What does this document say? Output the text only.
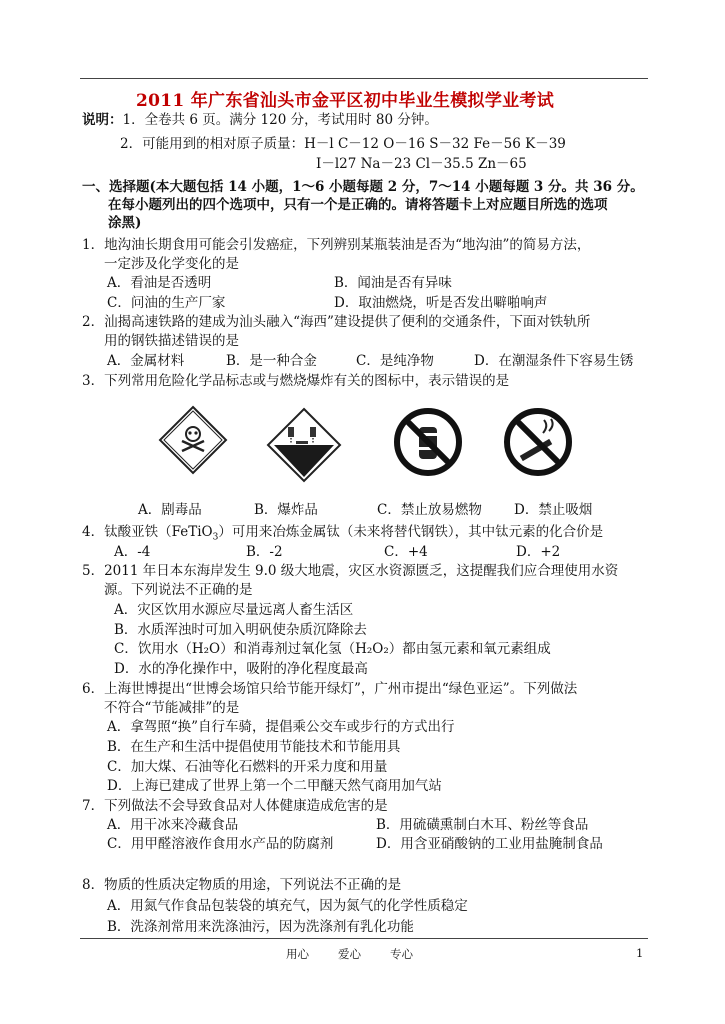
2011 年广东省汕头市金平区初中毕业生模拟学业考试
说明：1．全卷共 6 页。满分 120 分，考试用时 80 分钟。
2．可能用到的相对原子质量：H－l C－12 O－16 S－32 Fe－56 K－39
I－l27 Na－23 Cl－35.5 Zn－65
一、选择题(本大题包括 14 小题，1～6 小题每题 2 分，7～14 小题每题 3 分。共 36 分。
在每小题列出的四个选项中，只有一个是正确的。请将答题卡上对应题目所选的选项
涂黑)
1．地沟油长期食用可能会引发癌症，下列辨别某瓶装油是否为“地沟油”的简易方法，
一定涉及化学变化的是
A．看油是否透明	B．闻油是否有异味
C．问油的生产厂家	D．取油燃烧，听是否发出噼啪响声
2．汕揭高速铁路的建成为汕头融入“海西”建设提供了便利的交通条件，下面对铁轨所
用的钢铁描述错误的是
A．金属材料	B．是一种合金	C．是纯净物	D．在潮湿条件下容易生锈
3．下列常用危险化学品标志或与燃烧爆炸有关的图标中，表示错误的是
A．剧毒品	B．爆炸品	C．禁止放易燃物 D．禁止吸烟
4．钛酸亚铁（FeTiO$_3$）可用来冶炼金属钛（未来将替代钢铁），其中钛元素的化合价是
A．-4	B．-2	C．+4	D．+2
5．2011 年日本东海岸发生 9.0 级大地震，灾区水资源匮乏，这提醒我们应合理使用水资
源。下列说法不正确的是
A．灾区饮用水源应尽量远离人畜生活区
B．水质浑浊时可加入明矾使杂质沉降除去
C．饮用水（H₂O）和消毒剂过氧化氢（H₂O₂）都由氢元素和氧元素组成
D．水的净化操作中，吸附的净化程度最高
6．上海世博提出“世博会场馆只给节能开绿灯”，广州市提出“绿色亚运”。下列做法
不符合“节能减排”的是
A．拿驾照“换”自行车骑，提倡乘公交车或步行的方式出行
B．在生产和生活中提倡使用节能技术和节能用具
C．加大煤、石油等化石燃料的开采力度和用量
D．上海已建成了世界上第一个二甲醚天然气商用加气站
7．下列做法不会导致食品对人体健康造成危害的是
A．用干冰来冷藏食品	B．用硫磺熏制白木耳、粉丝等食品
C．用甲醛溶液作食用水产品的防腐剂	D．用含亚硝酸钠的工业用盐腌制食品
8．物质的性质决定物质的用途，下列说法不正确的是
A．用氮气作食品包装袋的填充气，因为氮气的化学性质稳定
B．洗涤剂常用来洗涤油污，因为洗涤剂有乳化功能
用心	爱心	专心	1
